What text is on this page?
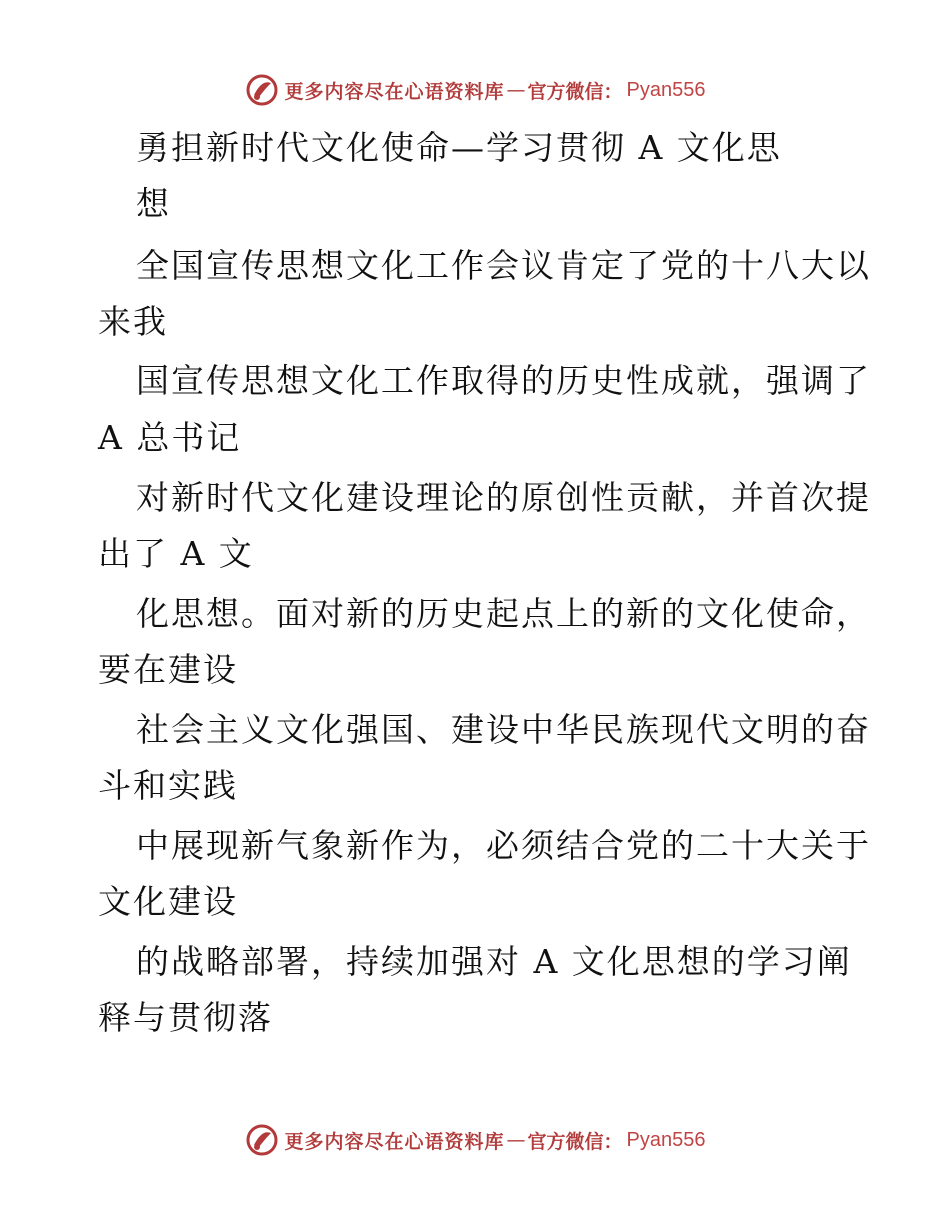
更多内容尽在心语资料库 — 官方微信： Pyan556
勇担新时代文化使命—学习贯彻 A 文化思
想
全国宣传思想文化工作会议肯定了党的十八大以
来我
国宣传思想文化工作取得的历史性成就，强调了
A 总书记
对新时代文化建设理论的原创性贡献，并首次提
出了 A 文
化思想。面对新的历史起点上的新的文化使命，
要在建设
社会主义文化强国、建设中华民族现代文明的奋
斗和实践
中展现新气象新作为，必须结合党的二十大关于
文化建设
的战略部署，持续加强对 A 文化思想的学习阐
释与贯彻落
更多内容尽在心语资料库 — 官方微信： Pyan556
